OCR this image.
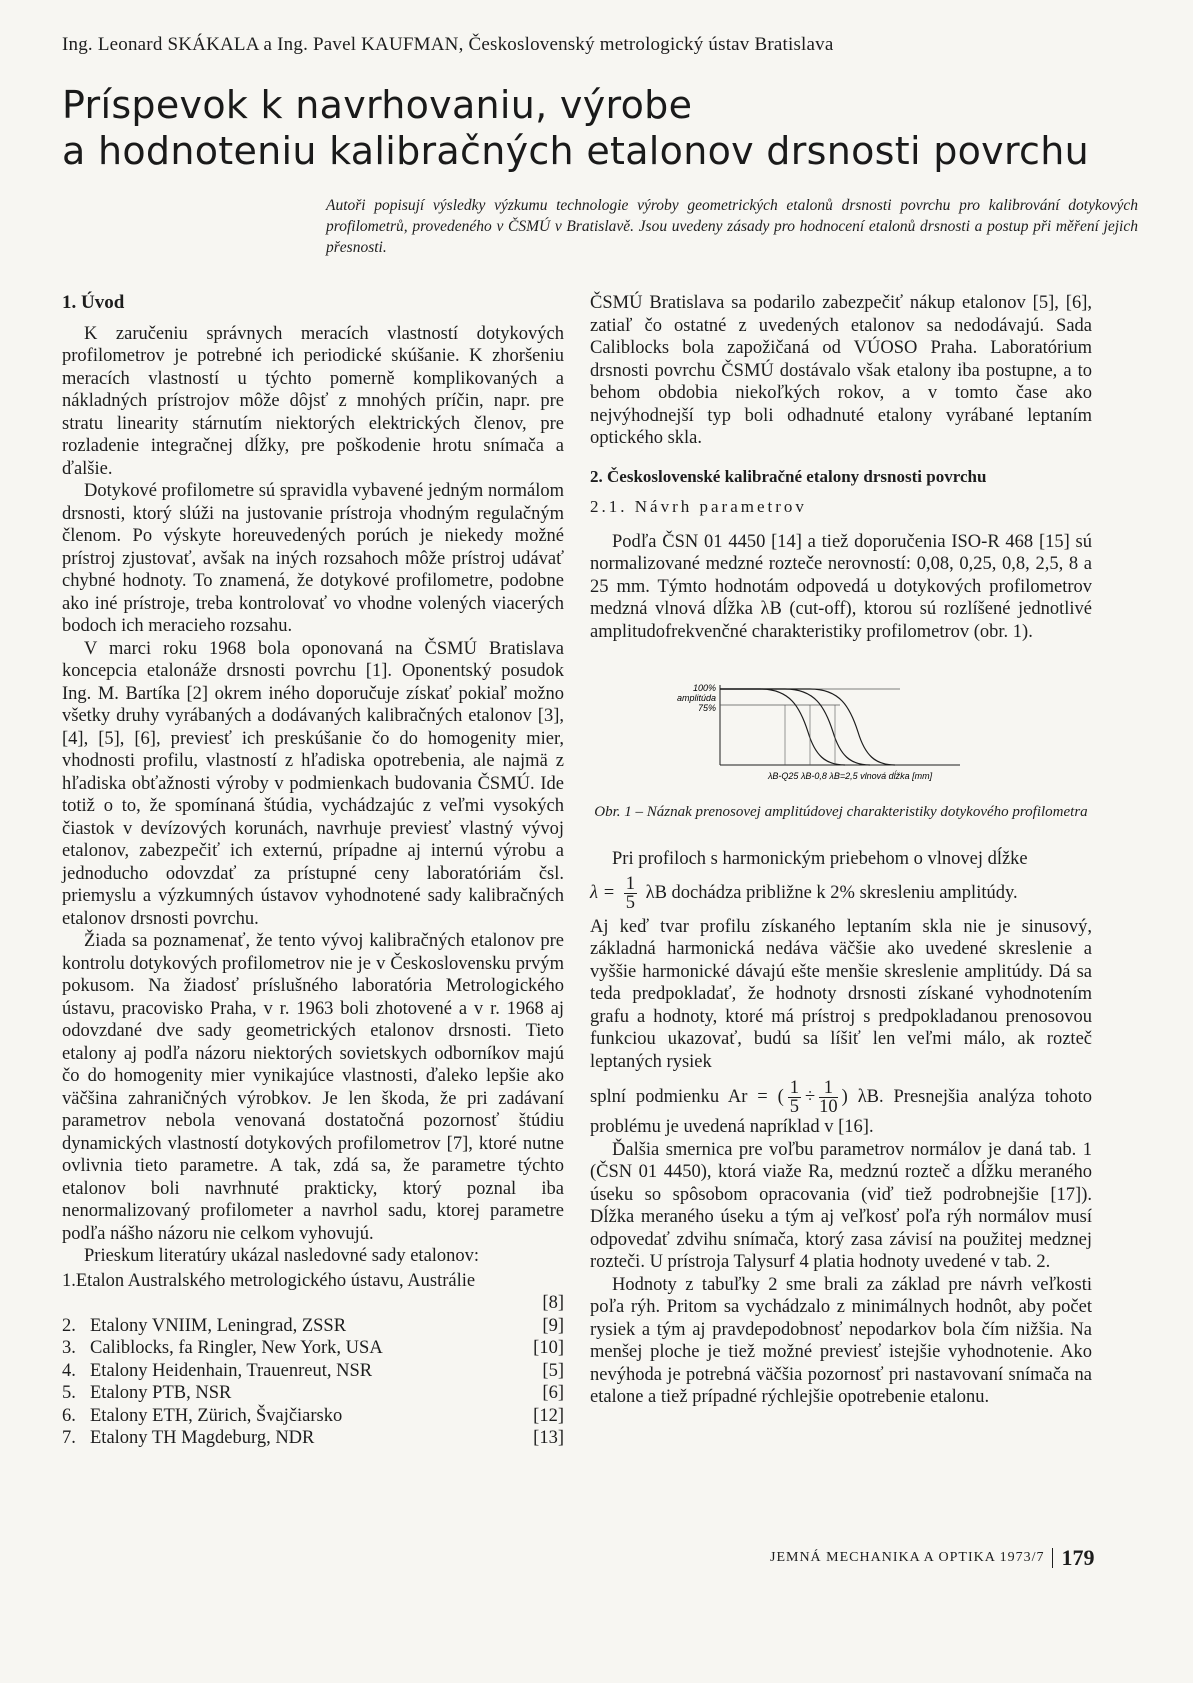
Ing. Leonard SKÁKALA a Ing. Pavel KAUFMAN, Československý metrologický ústav Bratislava
Príspevok k navrhovaniu, výrobe
a hodnoteniu kalibračných etalonov drsnosti povrchu
Autoři popisují výsledky výzkumu technologie výroby geometrických etalonů drsnosti povrchu pro kalibrování dotykových profilometrů, provedeného v ČSMÚ v Bratislavě. Jsou uvedeny zásady pro hodnocení etalonů drsnosti a postup při měření jejich přesnosti.
1. Úvod

K zaručeniu správnych meracích vlastností dotykových profilometrov je potrebné ich periodické skúšanie. K zhoršeniu meracích vlastností u týchto pomerně komplikovaných a nákladných prístrojov môže dôjsť z mnohých príčin, napr. pre stratu linearity stárnutím niektorých elektrických členov, pre rozladenie integračnej dĺžky, pre poškodenie hrotu snímača a ďalšie.

Dotykové profilometre sú spravidla vybavené jedným normálom drsnosti, ktorý slúži na justovanie prístroja vhodným regulačným členom. Po výskyte horeuvedených porúch je niekedy možné prístroj zjustovať, avšak na iných rozsahoch môže prístroj udávať chybné hodnoty. To znamená, že dotykové profilometre, podobne ako iné prístroje, treba kontrolovať vo vhodne volených viacerých bodoch ich meracieho rozsahu.

V marci roku 1968 bola oponovaná na ČSMÚ Bratislava koncepcia etalonáže drsnosti povrchu [1]. Oponentský posudok Ing. M. Bartíka [2] okrem iného doporučuje získať pokiaľ možno všetky druhy vyrábaných a dodávaných kalibračných etalonov [3], [4], [5], [6], previesť ich preskúšanie čo do homogenity mier, vhodnosti profilu, vlastností z hľadiska opotrebenia, ale najmä z hľadiska obťažnosti výroby v podmienkach budovania ČSMÚ. Ide totiž o to, že spomínaná štúdia, vychádzajúc z veľmi vysokých čiastok v devízových korunách, navrhuje previesť vlastný vývoj etalonov, zabezpečiť ich externú, prípadne aj internú výrobu a jednoducho odovzdať za prístupné ceny laboratóriám čsl. priemyslu a výzkumných ústavov vyhodnotené sady kalibračných etalonov drsnosti povrchu.

Žiada sa poznamenať, že tento vývoj kalibračných etalonov pre kontrolu dotykových profilometrov nie je v Československu prvým pokusom. Na žiadosť príslušného laboratória Metrologického ústavu, pracovisko Praha, v r. 1963 boli zhotovené a v r. 1968 aj odovzdané dve sady geometrických etalonov drsnosti. Tieto etalony aj podľa názoru niektorých sovietskych odborníkov majú čo do homogenity mier vynikajúce vlastnosti, ďaleko lepšie ako väčšina zahraničných výrobkov. Je len škoda, že pri zadávaní parametrov nebola venovaná dostatočná pozornosť štúdiu dynamických vlastností dotykových profilometrov [7], ktoré nutne ovlivnia tieto parametre. A tak, zdá sa, že parametre týchto etalonov boli navrhnuté prakticky, ktorý poznal iba nenormalizovaný profilometer a navrhol sadu, ktorej parametre podľa nášho názoru nie celkom vyhovujú.

Prieskum literatúry ukázal nasledovné sady etalonov:

1.Etalon Australského metrologického ústavu, Austrálie
[8]
2. Etalony VNIIM, Leningrad, ZSSR	[9]
3. Caliblocks, fa Ringler, New York, USA	[10]
4. Etalony Heidenhain, Trauenreut, NSR	[5]
5. Etalony PTB, NSR	[6]
6. Etalony ETH, Zürich, Švajčiarsko	[12]
7. Etalony TH Magdeburg, NDR	[13]

ČSMÚ Bratislava sa podarilo zabezpečiť nákup etalonov [5], [6], zatiaľ čo ostatné z uvedených etalonov sa nedodávajú. Sada Caliblocks bola zapožičaná od VÚOSO Praha. Laboratórium drsnosti povrchu ČSMÚ dostávalo však etalony iba postupne, a to behom obdobia niekoľkých rokov, a v tomto čase ako nejvýhodnejší typ boli odhadnuté etalony vyrábané leptaním optického skla.

2. Československé kalibračné etalony drsnosti povrchu
2.1. Návrh parametrov

Podľa ČSN 01 4450 [14] a tiež doporučenia ISO-R 468 [15] sú normalizované medzné rozteče nerovností: 0,08, 0,25, 0,8, 2,5, 8 a 25 mm. Týmto hodnotám odpovedá u dotykových profilometrov medzná vlnová dĺžka λB (cut-off), ktorou sú rozlíšené jednotlivé amplitudofrekvenčné charakteristiky profilometrov (obr. 1).

100%
amplitúda
75%
λB-Q25 λB-0,8 λB=2,5 vlnová dĺžka [mm]
Obr. 1 – Náznak prenosovej amplitúdovej charakteristiky dotykového profilometra

Pri profiloch s harmonickým priebehom o vlnovej dĺžke

$\lambda = \frac{1}{5}$ λB dochádza približne k 2% skresleniu amplitúdy.

Aj keď tvar profilu získaného leptaním skla nie je sinusový, základná harmonická nedáva väčšie ako uvedené skreslenie a vyššie harmonické dávajú ešte menšie skreslenie amplitúdy. Dá sa teda predpokladať, že hodnoty drsnosti získané vyhodnotením grafu a hodnoty, ktoré má prístroj s predpokladanou prenosovou funkciou ukazovať, budú sa líšiť len veľmi málo, ak rozteč leptaných rysiek

splní podmienku Ar = ( $\frac{1}{5} \div \frac{1}{10}$ ) λB. Presnejšia analýza tohoto problému je uvedená napríklad v [16].

Ďalšia smernica pre voľbu parametrov normálov je daná tab. 1 (ČSN 01 4450), ktorá viaže Ra, medznú rozteč a dĺžku meraného úseku so spôsobom opracovania (viď tiež podrobnejšie [17]). Dĺžka meraného úseku a tým aj veľkosť poľa rýh normálov musí odpovedať zdvihu snímača, ktorý zasa závisí na použitej medznej rozteči. U prístroja Talysurf 4 platia hodnoty uvedené v tab. 2.

Hodnoty z tabuľky 2 sme brali za základ pre návrh veľkosti poľa rýh. Pritom sa vychádzalo z minimálnych hodnôt, aby počet rysiek a tým aj pravdepodobnosť nepodarkov bola čím nižšia. Na menšej ploche je tiež možné previesť istejšie vyhodnotenie. Ako nevýhoda je potrebná väčšia pozornosť pri nastavovaní snímača na etalone a tiež prípadné rýchlejšie opotrebenie etalonu.

JEMNÁ MECHANIKA A OPTIKA 1973/7 179
